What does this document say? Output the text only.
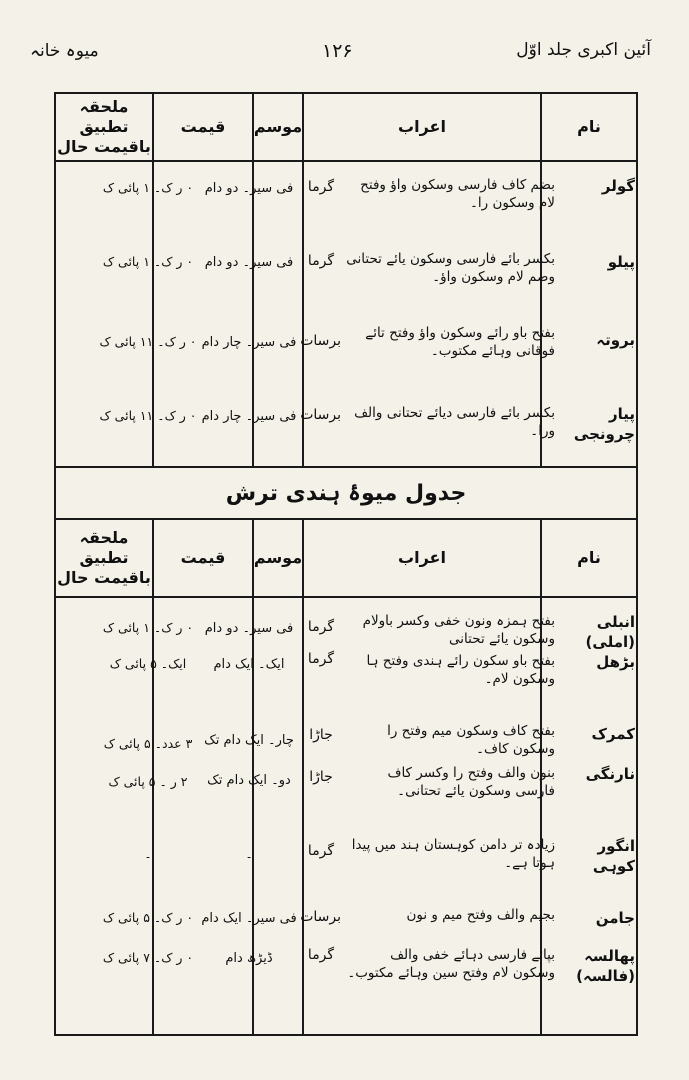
میوہ خانہ	۱۲۶	آئین اکبری جلد اوّل
نام
اعراب
موسم
قیمت
ملحقہ تطبیق باقیمت حال
گولر
بضم کاف فارسی وسکون واؤ وفتح لام وسکون را۔
گرما
فی سیر۔ دو دام
۰ ر ک۔ ۱ پائی ک
پیلو
بکسر بائے فارسی وسکون یائے تحتانی وضم لام وسکون واؤ۔
گرما
فی سیر۔ دو دام
۰ ر ک۔ ۱ پائی ک
بروتہ
بفتح باو رائے وسکون واؤ وفتح تائے فوقانی وہائے مکتوب۔
برسات
فی سیر۔ چار دام
۰ ر ک۔ ۱۱ پائی ک
پیار چرونجی
بکسر بائے فارسی دیائے تحتانی والف ورا۔
برسات
فی سیر۔ چار دام
۰ ر ک۔ ۱۱ پائی ک
جدول میوۂ ہندی ترش
نام
اعراب
موسم
قیمت
ملحقہ تطبیق باقیمت حال
انبلی (املی)
بفتح ہمزہ ونون خفی وکسر باولام وسکون یائے تحتانی
گرما
فی سیر۔ دو دام
۰ ر ک۔ ۱ پائی ک
بڑھل
بفتح باو سکون رائے ہندی وفتح ہا وسکون لام۔
گرما
ایک۔ ایک دام
ایک۔ ۵ پائی ک
کمرک
بفتح کاف وسکون میم وفتح را وسکون کاف۔
جاڑا
چار۔ ایک دام تک
۳ عدد۔ ۵ پائی ک
نارنگی
بنون والف وفتح را وکسر کاف فارسی وسکون یائے تحتانی۔
جاڑا
دو۔ ایک دام تک
۲ ر ۔ ۵ پائی ک
انگور کوہی
زیادہ تر دامن کوہستان ہند میں پیدا ہوتا ہے۔
گرما
۔
۔
جامن
بجیم والف وفتح میم و نون
برسات
فی سیر۔ ایک دام
۰ ر ک۔ ۵ پائی ک
پھالسہ (فالسہ)
بپائے فارسی دہائے خفی والف وسکون لام وفتح سین وہائے مکتوب۔
گرما
ڈیڑھ دام
۰ ر ک۔ ۷ پائی ک
